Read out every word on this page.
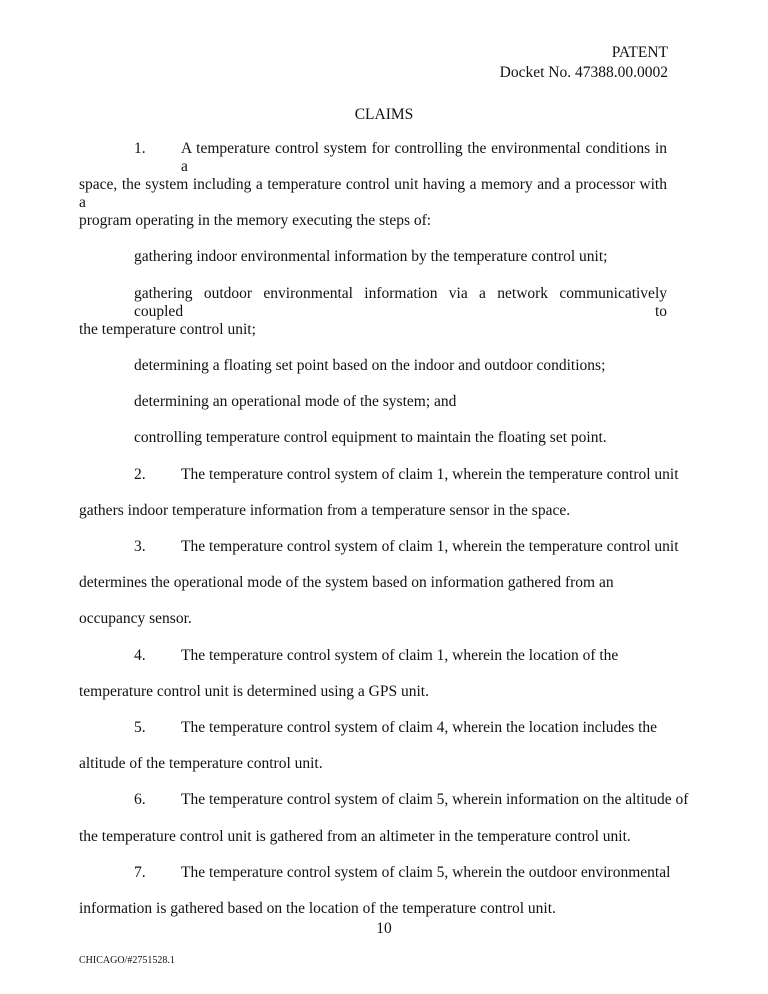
PATENT
Docket No. 47388.00.0002
CLAIMS
1. A temperature control system for controlling the environmental conditions in a
space, the system including a temperature control unit having a memory and a processor with a
program operating in the memory executing the steps of:
gathering indoor environmental information by the temperature control unit;
gathering outdoor environmental information via a network communicatively coupled to
the temperature control unit;
determining a floating set point based on the indoor and outdoor conditions;
determining an operational mode of the system; and
controlling temperature control equipment to maintain the floating set point.
2. The temperature control system of claim 1, wherein the temperature control unit
gathers indoor temperature information from a temperature sensor in the space.
3. The temperature control system of claim 1, wherein the temperature control unit
determines the operational mode of the system based on information gathered from an
occupancy sensor.
4. The temperature control system of claim 1, wherein the location of the
temperature control unit is determined using a GPS unit.
5. The temperature control system of claim 4, wherein the location includes the
altitude of the temperature control unit.
6. The temperature control system of claim 5, wherein information on the altitude of
the temperature control unit is gathered from an altimeter in the temperature control unit.
7. The temperature control system of claim 5, wherein the outdoor environmental
information is gathered based on the location of the temperature control unit.
10
CHICAGO/#2751528.1
